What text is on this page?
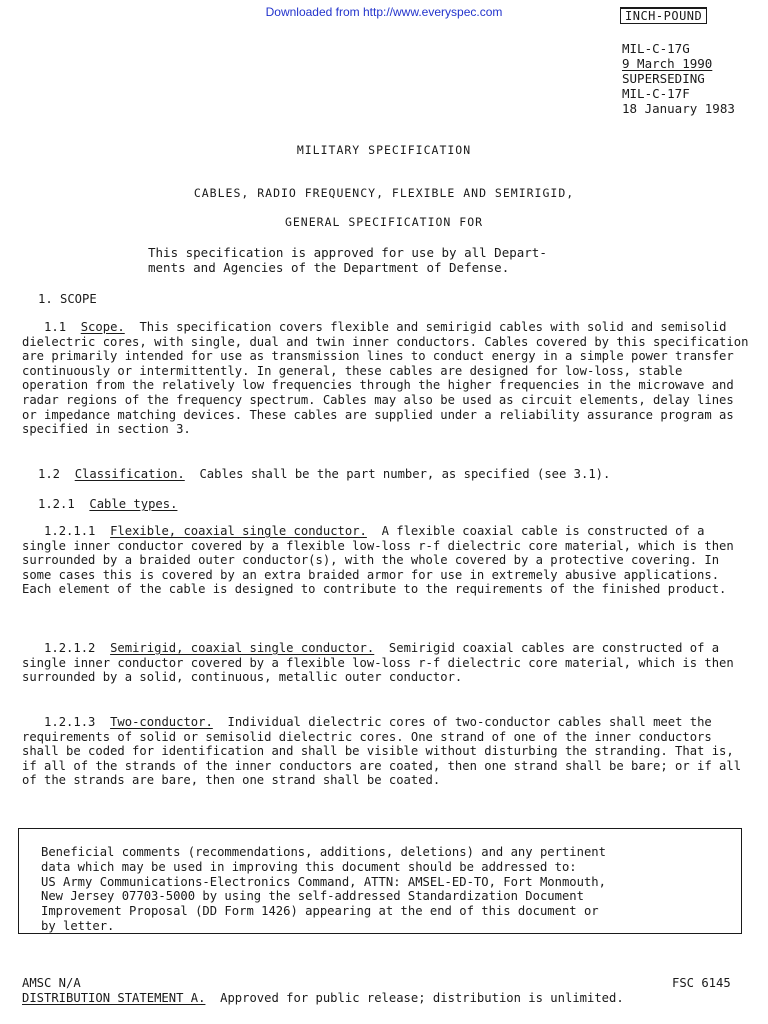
Downloaded from http://www.everyspec.com	INCH-POUND
MIL-C-17G
9 March 1990
SUPERSEDING
MIL-C-17F
18 January 1983
MILITARY SPECIFICATION
CABLES, RADIO FREQUENCY, FLEXIBLE AND SEMIRIGID,
GENERAL SPECIFICATION FOR
This specification is approved for use by all Depart-
ments and Agencies of the Department of Defense.
1. SCOPE

1.1 Scope. This specification covers flexible and semirigid cables with solid and semisolid dielectric cores, with single, dual and twin inner conductors. Cables covered by this specification are primarily intended for use as transmission lines to conduct energy in a simple power transfer continuously or intermittently. In general, these cables are designed for low-loss, stable operation from the relatively low frequencies through the higher frequencies in the microwave and radar regions of the frequency spectrum. Cables may also be used as circuit elements, delay lines or impedance matching devices. These cables are supplied under a reliability assurance program as specified in section 3.

1.2 Classification. Cables shall be the part number, as specified (see 3.1).
1.2.1 Cable types.

1.2.1.1 Flexible, coaxial single conductor. A flexible coaxial cable is constructed of a single inner conductor covered by a flexible low-loss r-f dielectric core material, which is then surrounded by a braided outer conductor(s), with the whole covered by a protective covering. In some cases this is covered by an extra braided armor for use in extremely abusive applications. Each element of the cable is designed to contribute to the requirements of the finished product.

1.2.1.2 Semirigid, coaxial single conductor. Semirigid coaxial cables are constructed of a single inner conductor covered by a flexible low-loss r-f dielectric core material, which is then surrounded by a solid, continuous, metallic outer conductor.

1.2.1.3 Two-conductor. Individual dielectric cores of two-conductor cables shall meet the requirements of solid or semisolid dielectric cores. One strand of one of the inner conductors shall be coded for identification and shall be visible without disturbing the stranding. That is, if all of the strands of the inner conductors are coated, then one strand shall be bare; or if all of the strands are bare, then one strand shall be coated.

Beneficial comments (recommendations, additions, deletions) and any pertinent
data which may be used in improving this document should be addressed to:
US Army Communications-Electronics Command, ATTN: AMSEL-ED-TO, Fort Monmouth,
New Jersey 07703-5000 by using the self-addressed Standardization Document
Improvement Proposal (DD Form 1426) appearing at the end of this document or
by letter.
AMSC N/A	FSC 6145
DISTRIBUTION STATEMENT A. Approved for public release; distribution is unlimited.
